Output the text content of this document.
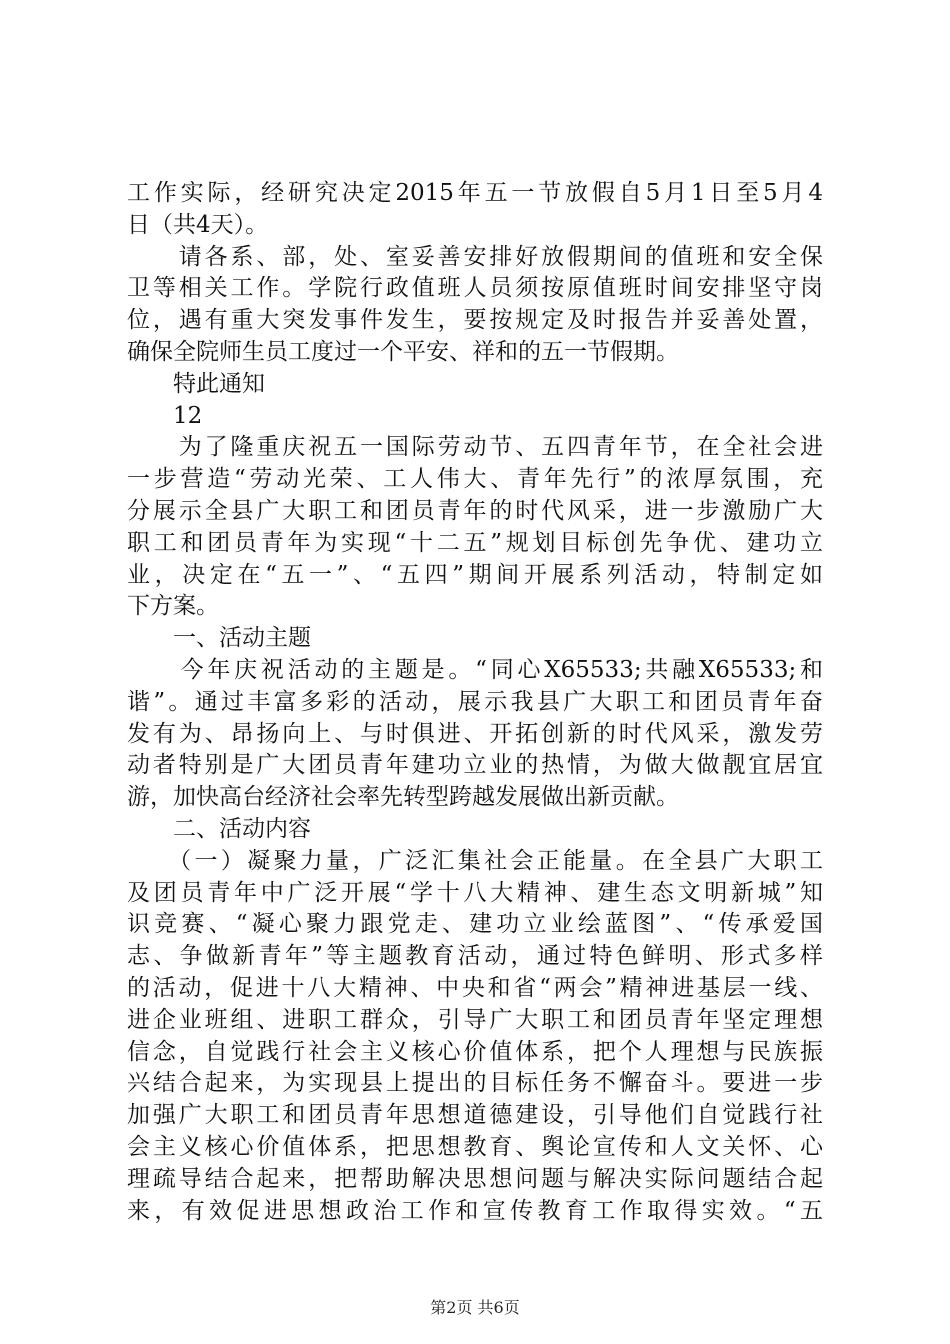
工作实际，经研究决定2015年五一节放假自5月1日至5月4
日（共4天）。
　　请各系、部，处、室妥善安排好放假期间的值班和安全保
卫等相关工作。学院行政值班人员须按原值班时间安排坚守岗
位，遇有重大突发事件发生，要按规定及时报告并妥善处置，
确保全院师生员工度过一个平安、祥和的五一节假期。
　　特此通知
　　12
　　为了隆重庆祝五一国际劳动节、五四青年节，在全社会进
一步营造“劳动光荣、工人伟大、青年先行”的浓厚氛围，充
分展示全县广大职工和团员青年的时代风采，进一步激励广大
职工和团员青年为实现“十二五”规划目标创先争优、建功立
业，决定在“五一”、“五四”期间开展系列活动，特制定如
下方案。
　　一、活动主题
　　今年庆祝活动的主题是。“同心X65533;共融X65533;和
谐”。通过丰富多彩的活动，展示我县广大职工和团员青年奋
发有为、昂扬向上、与时俱进、开拓创新的时代风采，激发劳
动者特别是广大团员青年建功立业的热情，为做大做靓宜居宜
游，加快高台经济社会率先转型跨越发展做出新贡献。
　　二、活动内容
　　（一）凝聚力量，广泛汇集社会正能量。在全县广大职工
及团员青年中广泛开展“学十八大精神、建生态文明新城”知
识竞赛、“凝心聚力跟党走、建功立业绘蓝图”、“传承爱国
志、争做新青年”等主题教育活动，通过特色鲜明、形式多样
的活动，促进十八大精神、中央和省“两会”精神进基层一线、
进企业班组、进职工群众，引导广大职工和团员青年坚定理想
信念，自觉践行社会主义核心价值体系，把个人理想与民族振
兴结合起来，为实现县上提出的目标任务不懈奋斗。要进一步
加强广大职工和团员青年思想道德建设，引导他们自觉践行社
会主义核心价值体系，把思想教育、舆论宣传和人文关怀、心
理疏导结合起来，把帮助解决思想问题与解决实际问题结合起
来，有效促进思想政治工作和宣传教育工作取得实效。“五
第2页 共6页
